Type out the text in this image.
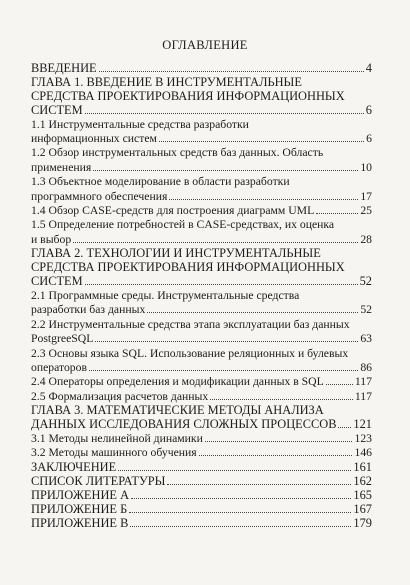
ОГЛАВЛЕНИЕ
ВВЕДЕНИЕ	4
ГЛАВА 1. ВВЕДЕНИЕ В ИНСТРУМЕНТАЛЬНЫЕ
СРЕДСТВА ПРОЕКТИРОВАНИЯ ИНФОРМАЦИОННЫХ
СИСТЕМ	6
1.1 Инструментальные средства разработки
информационных систем	6
1.2 Обзор инструментальных средств баз данных. Область
применения	10
1.3 Объектное моделирование в области разработки
программного обеспечения	17
1.4 Обзор CASE-средств для построения диаграмм UML	25
1.5 Определение потребностей в CASE-средствах, их оценка
и выбор	28
ГЛАВА 2. ТЕХНОЛОГИИ И ИНСТРУМЕНТАЛЬНЫЕ
СРЕДСТВА ПРОЕКТИРОВАНИЯ ИНФОРМАЦИОННЫХ
СИСТЕМ	52
2.1 Программные среды. Инструментальные средства
разработки баз данных	52
2.2 Инструментальные средства этапа эксплуатации баз данных
PostgreeSQL	63
2.3 Основы языка SQL. Использование реляционных и булевых
операторов	86
2.4 Операторы определения и модификации данных в SQL	117
2.5 Формализация расчетов данных	117
ГЛАВА 3. МАТЕМАТИЧЕСКИЕ МЕТОДЫ АНАЛИЗА
ДАННЫХ ИССЛЕДОВАНИЯ СЛОЖНЫХ ПРОЦЕССОВ 121
3.1 Методы нелинейной динамики	123
3.2 Методы машинного обучения	146
ЗАКЛЮЧЕНИЕ	161
СПИСОК ЛИТЕРАТУРЫ	162
ПРИЛОЖЕНИЕ А	165
ПРИЛОЖЕНИЕ Б	167
ПРИЛОЖЕНИЕ В	179
